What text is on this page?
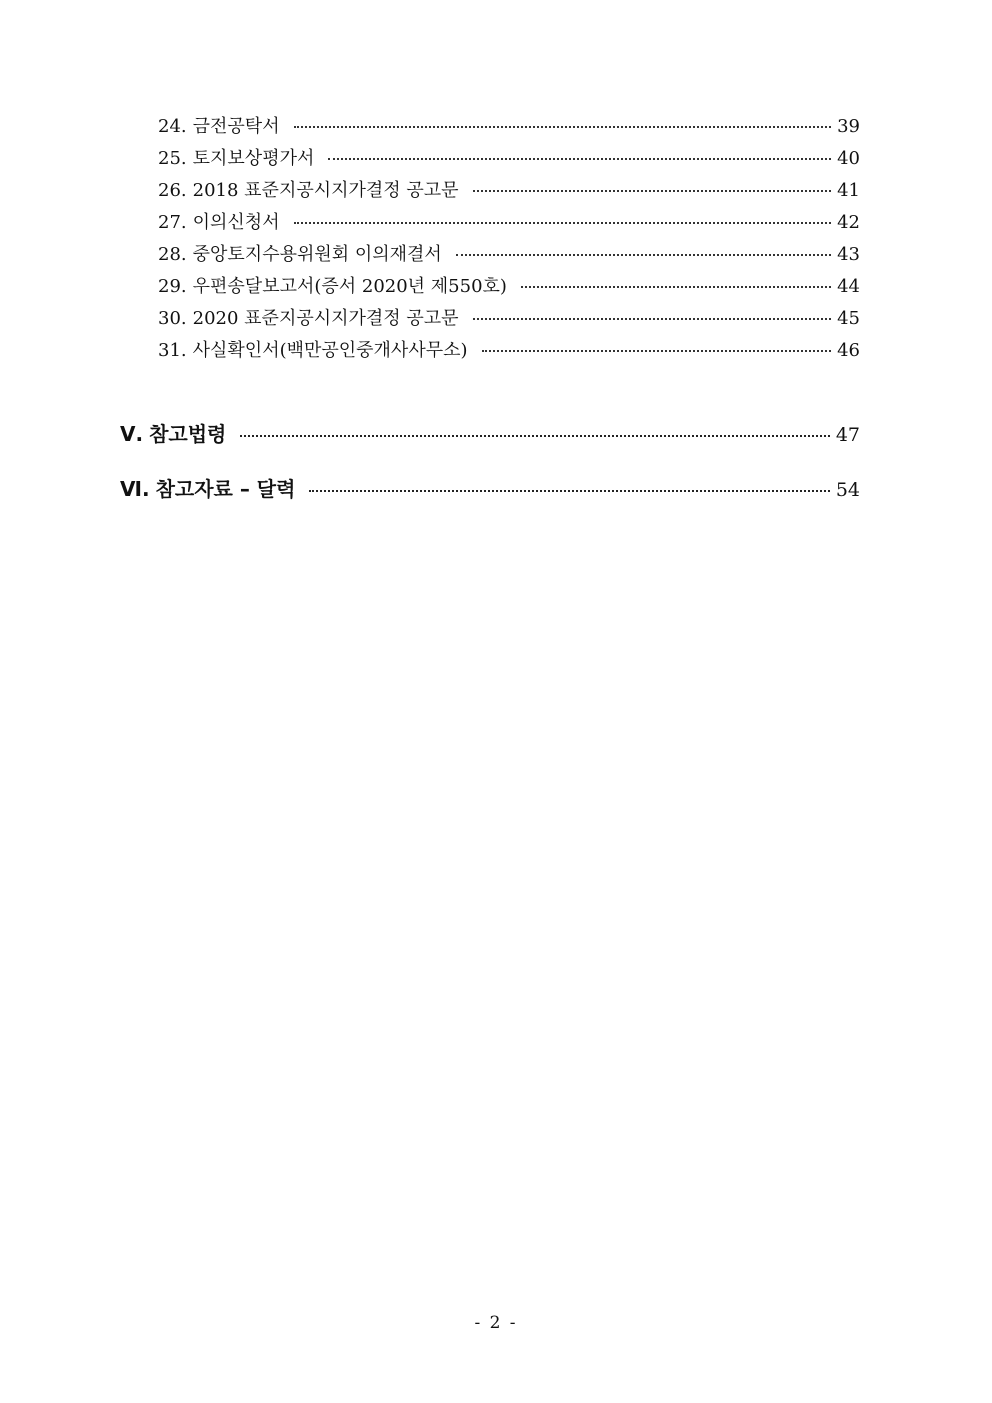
24. 금전공탁서	39
25. 토지보상평가서	40
26. 2018 표준지공시지가결정 공고문	41
27. 이의신청서	42
28. 중앙토지수용위원회 이의재결서	43
29. 우편송달보고서(증서 2020년 제550호)	44
30. 2020 표준지공시지가결정 공고문	45
31. 사실확인서(백만공인중개사사무소)	46
Ⅴ. 참고법령	47
Ⅵ. 참고자료 – 달력	54
- 2 -
